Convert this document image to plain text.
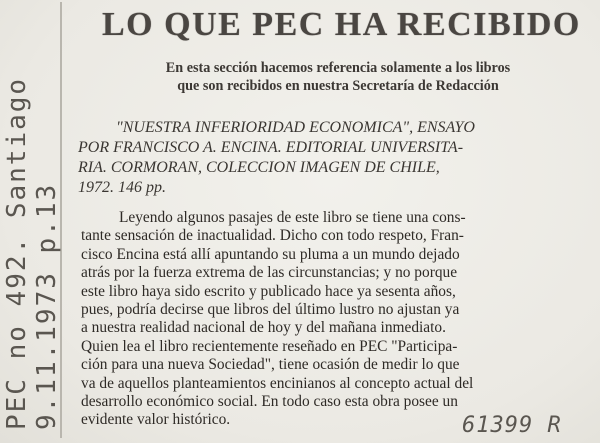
PEC no 492. Santiago 9.11.1973 p.13
LO QUE PEC HA RECIBIDO
En esta sección hacemos referencia solamente a los libros
que son recibidos en nuestra Secretaría de Redacción
"NUESTRA INFERIORIDAD ECONOMICA", ENSAYO
POR FRANCISCO A. ENCINA. EDITORIAL UNIVERSITA-
RIA. CORMORAN, COLECCION IMAGEN DE CHILE,
1972. 146 pp.
Leyendo algunos pasajes de este libro se tiene una cons-
tante sensación de inactualidad. Dicho con todo respeto, Fran-
cisco Encina está allí apuntando su pluma a un mundo dejado
atrás por la fuerza extrema de las circunstancias; y no porque
este libro haya sido escrito y publicado hace ya sesenta años,
pues, podría decirse que libros del último lustro no ajustan ya
a nuestra realidad nacional de hoy y del mañana inmediato.
Quien lea el libro recientemente reseñado en PEC "Participa-
ción para una nueva Sociedad", tiene ocasión de medir lo que
va de aquellos planteamientos encinianos al concepto actual del
desarrollo económico social. En todo caso esta obra posee un
evidente valor histórico.	61399 R
